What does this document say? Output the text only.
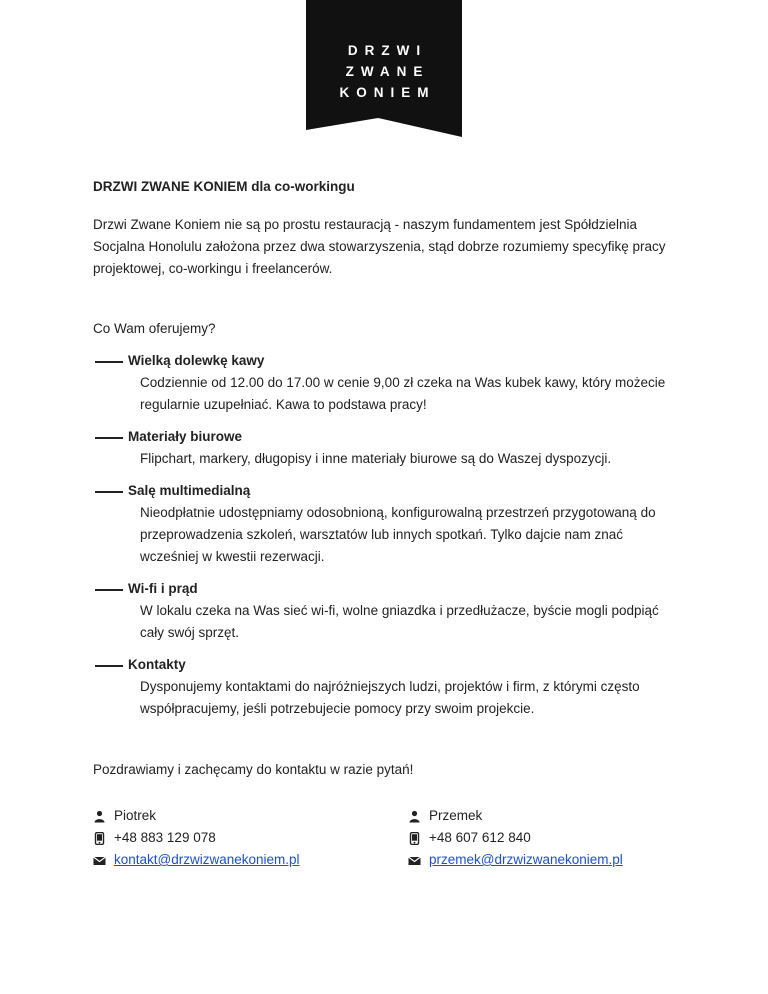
DRZWI
ZWANE
KONIEM

DRZWI ZWANE KONIEM dla co-workingu

Drzwi Zwane Koniem nie są po prostu restauracją - naszym fundamentem jest Spółdzielnia Socjalna Honolulu założona przez dwa stowarzyszenia, stąd dobrze rozumiemy specyfikę pracy projektowej, co-workingu i freelancerów.

Co Wam oferujemy?
Wielką dolewkę kawy
Codziennie od 12.00 do 17.00 w cenie 9,00 zł czeka na Was kubek kawy, który możecie regularnie uzupełniać. Kawa to podstawa pracy!
Materiały biurowe
Flipchart, markery, długopisy i inne materiały biurowe są do Waszej dyspozycji.
Salę multimedialną
Nieodpłatnie udostępniamy odosobnioną, konfigurowalną przestrzeń przygotowaną do przeprowadzenia szkoleń, warsztatów lub innych spotkań. Tylko dajcie nam znać wcześniej w kwestii rezerwacji.
Wi-fi i prąd
W lokalu czeka na Was sieć wi-fi, wolne gniazdka i przedłużacze, byście mogli podpiąć cały swój sprzęt.
Kontakty
Dysponujemy kontaktami do najróżniejszych ludzi, projektów i firm, z którymi często współpracujemy, jeśli potrzebujecie pomocy przy swoim projekcie.
Pozdrawiamy i zachęcamy do kontaktu w razie pytań!
Piotrek
+48 883 129 078
kontakt@drzwizwanekoniem.pl
Przemek
+48 607 612 840
przemek@drzwizwanekoniem.pl
